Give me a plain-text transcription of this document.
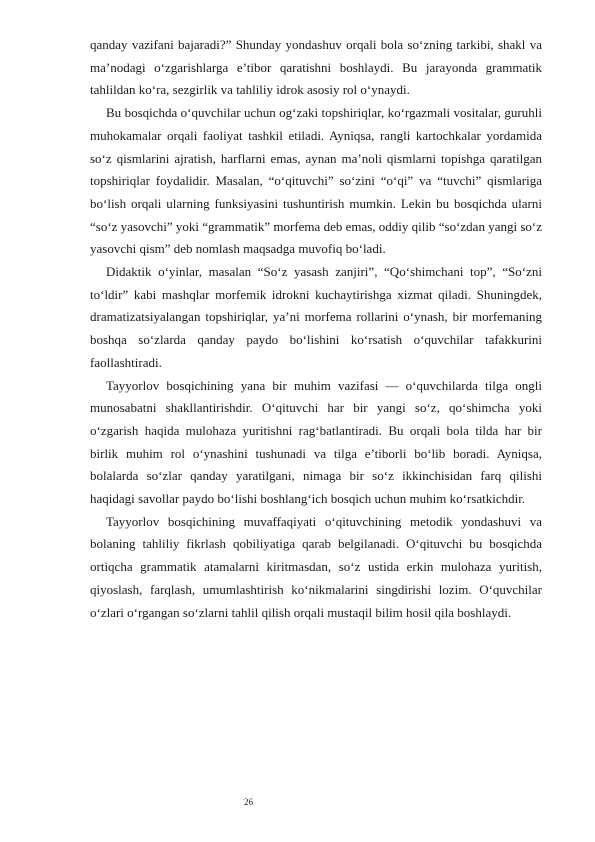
qanday vazifani bajaradi?” Shunday yondashuv orqali bola so‘zning tarkibi, shakl va ma’nodagi o‘zgarishlarga e’tibor qaratishni boshlaydi. Bu jarayonda grammatik tahlildan ko‘ra, sezgirlik va tahliliy idrok asosiy rol o‘ynaydi.

Bu bosqichda o‘quvchilar uchun og‘zaki topshiriqlar, ko‘rgazmali vositalar, guruhli muhokamalar orqali faoliyat tashkil etiladi. Ayniqsa, rangli kartochkalar yordamida so‘z qismlarini ajratish, harflarni emas, aynan ma’noli qismlarni topishga qaratilgan topshiriqlar foydalidir. Masalan, “o‘qituvchi” so‘zini “o‘qi” va “tuvchi” qismlariga bo‘lish orqali ularning funksiyasini tushuntirish mumkin. Lekin bu bosqichda ularni “so‘z yasovchi” yoki “grammatik” morfema deb emas, oddiy qilib “so‘zdan yangi so‘z yasovchi qism” deb nomlash maqsadga muvofiq bo‘ladi.

Didaktik o‘yinlar, masalan “So‘z yasash zanjiri”, “Qo‘shimchani top”, “So‘zni to‘ldir” kabi mashqlar morfemik idrokni kuchaytirishga xizmat qiladi. Shuningdek, dramatizatsiyalangan topshiriqlar, ya’ni morfema rollarini o‘ynash, bir morfemaning boshqa so‘zlarda qanday paydo bo‘lishini ko‘rsatish o‘quvchilar tafakkurini faollashtiradi.

Tayyorlov bosqichining yana bir muhim vazifasi — o‘quvchilarda tilga ongli munosabatni shakllantirishdir. O‘qituvchi har bir yangi so‘z, qo‘shimcha yoki o‘zgarish haqida mulohaza yuritishni rag‘batlantiradi. Bu orqali bola tilda har bir birlik muhim rol o‘ynashini tushunadi va tilga e’tiborli bo‘lib boradi. Ayniqsa, bolalarda so‘zlar qanday yaratilgani, nimaga bir so‘z ikkinchisidan farq qilishi haqidagi savollar paydo bo‘lishi boshlang‘ich bosqich uchun muhim ko‘rsatkichdir.

Tayyorlov bosqichining muvaffaqiyati o‘qituvchining metodik yondashuvi va bolaning tahliliy fikrlash qobiliyatiga qarab belgilanadi. O‘qituvchi bu bosqichda ortiqcha grammatik atamalarni kiritmasdan, so‘z ustida erkin mulohaza yuritish, qiyoslash, farqlash, umumlashtirish ko‘nikmalarini singdirishi lozim. O‘quvchilar o‘zlari o‘rgangan so‘zlarni tahlil qilish orqali mustaqil bilim hosil qila boshlaydi.

26
